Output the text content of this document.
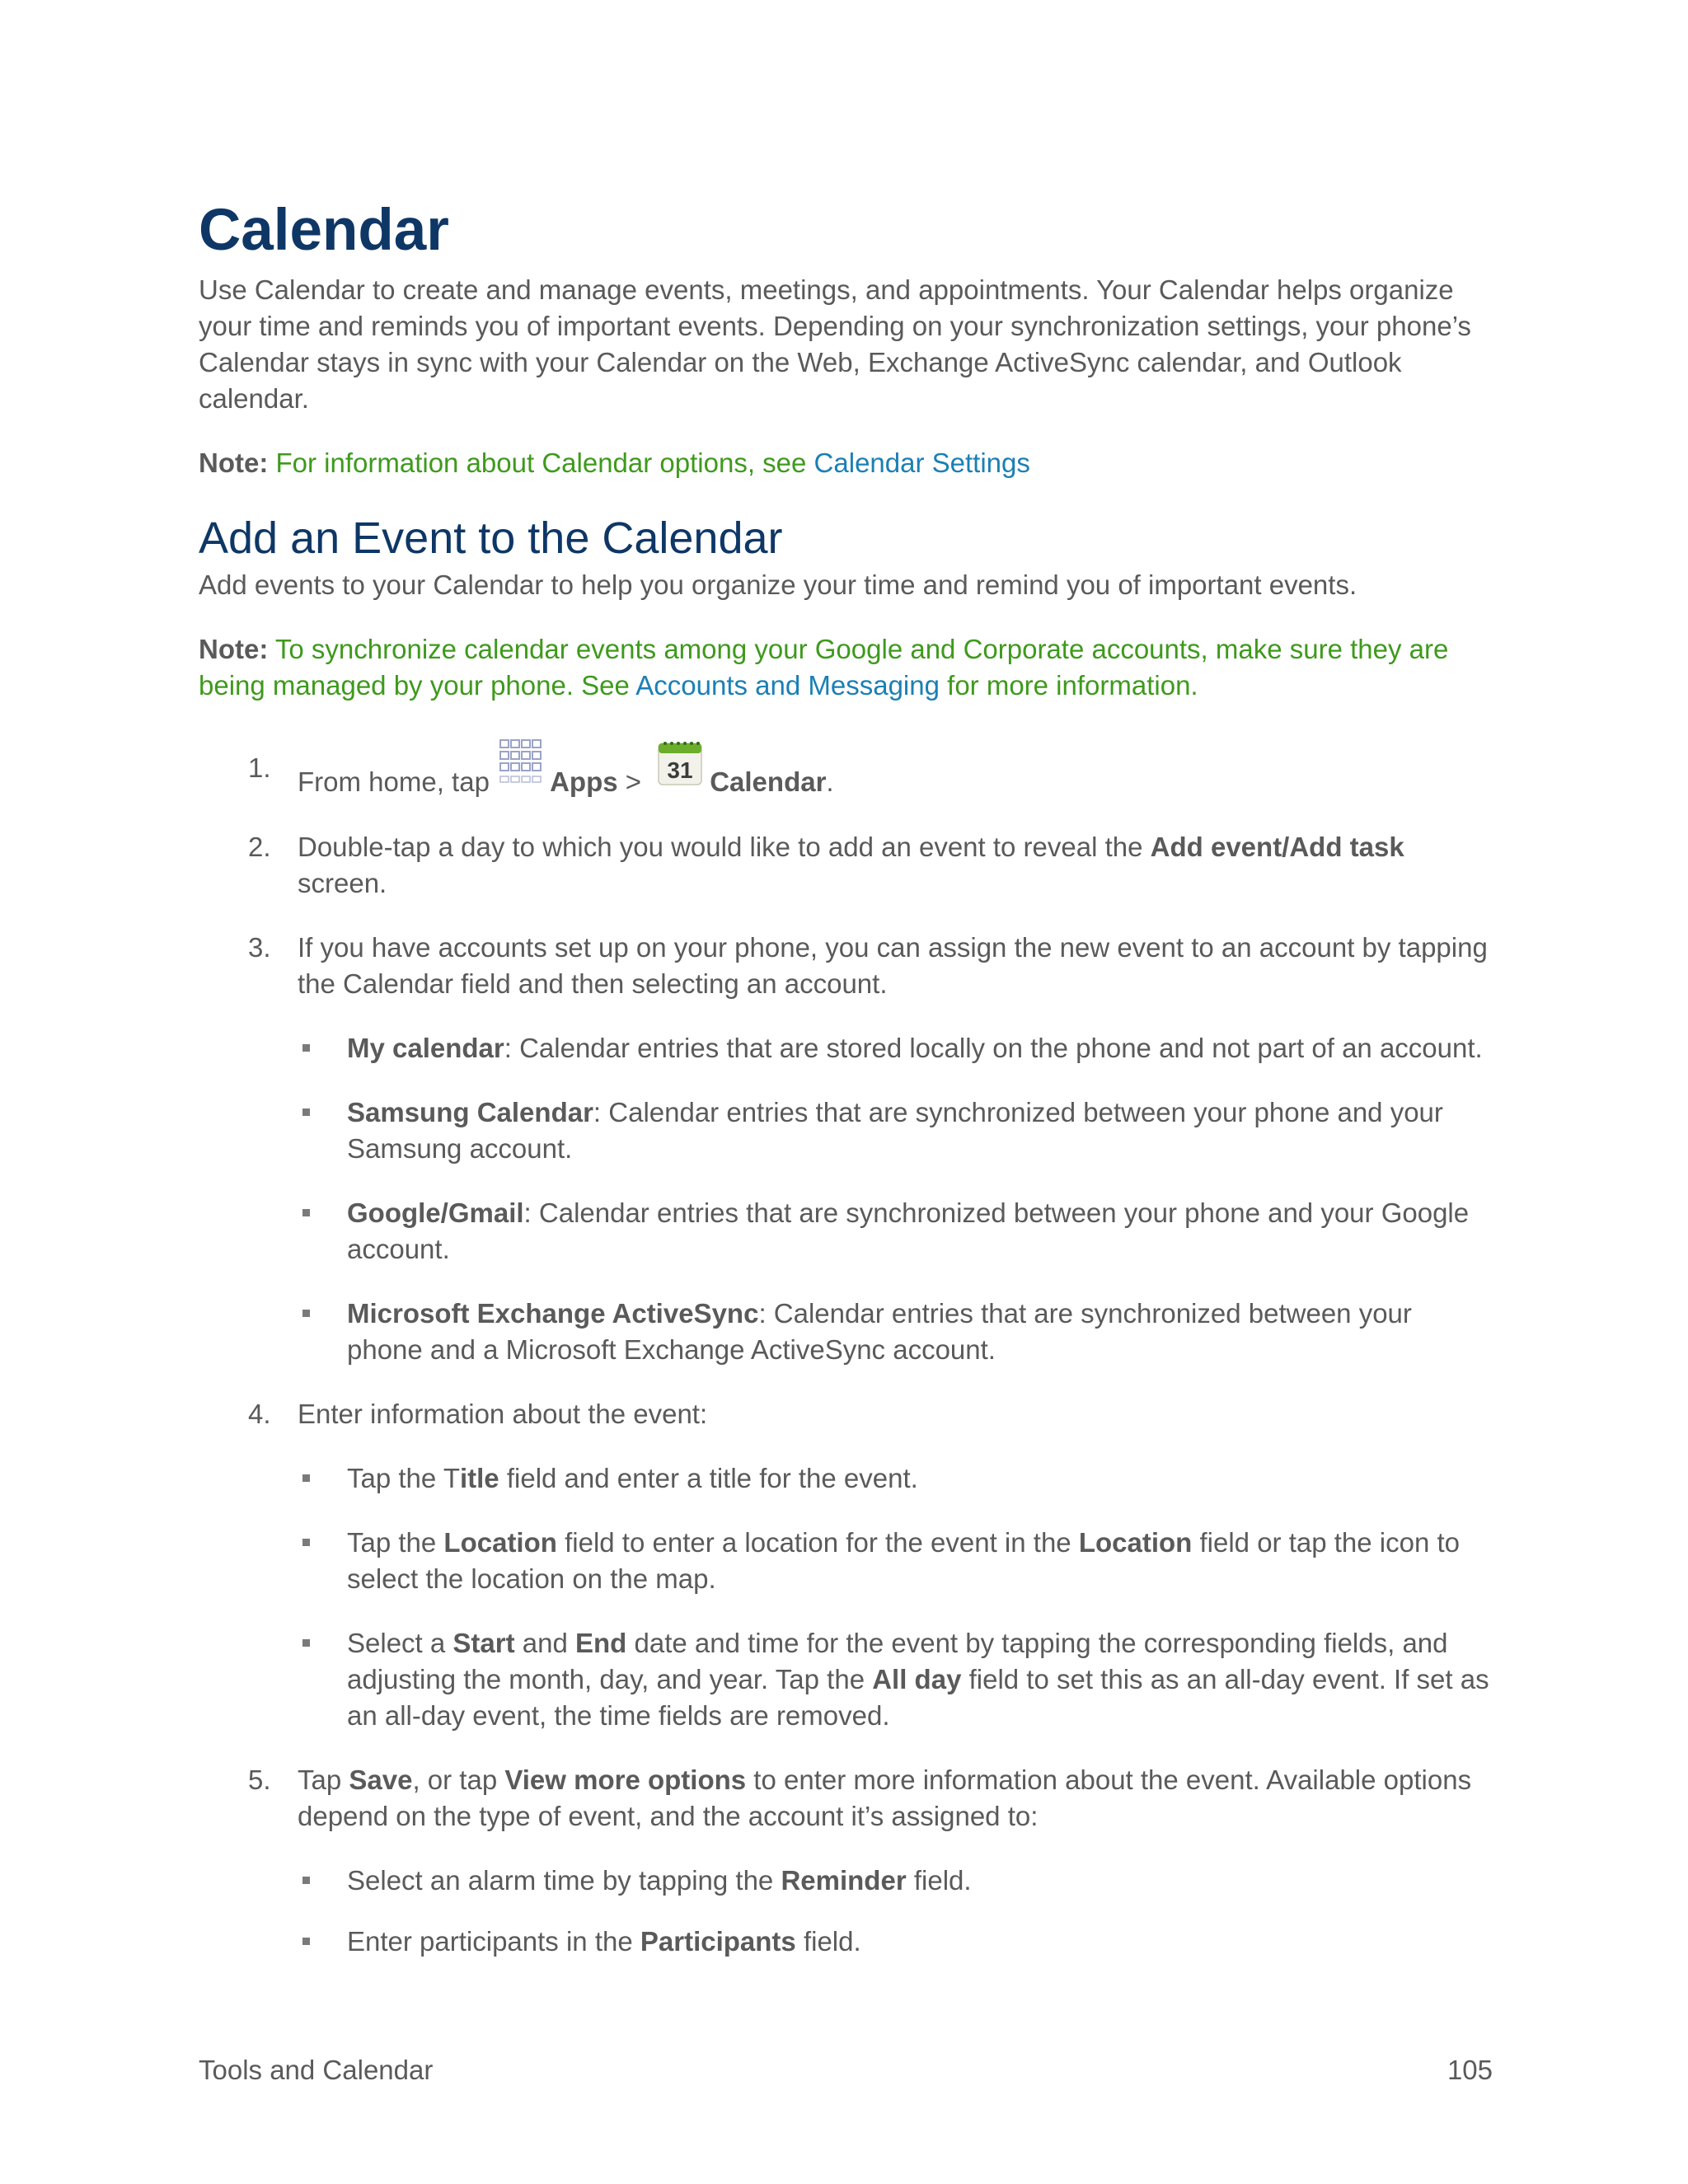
Calendar

Use Calendar to create and manage events, meetings, and appointments. Your Calendar helps organize your time and reminds you of important events. Depending on your synchronization settings, your phone’s Calendar stays in sync with your Calendar on the Web, Exchange ActiveSync calendar, and Outlook calendar.

Note: For information about Calendar options, see Calendar Settings

Add an Event to the Calendar

Add events to your Calendar to help you organize your time and remind you of important events.

Note: To synchronize calendar events among your Google and Corporate accounts, make sure they are being managed by your phone. See Accounts and Messaging for more information.

1. From home, tap Apps > 31 Calendar.
2. Double-tap a day to which you would like to add an event to reveal the Add event/Add task screen.
3. If you have accounts set up on your phone, you can assign the new event to an account by tapping the Calendar field and then selecting an account.
My calendar: Calendar entries that are stored locally on the phone and not part of an account.
Samsung Calendar: Calendar entries that are synchronized between your phone and your Samsung account.
Google/Gmail: Calendar entries that are synchronized between your phone and your Google account.
Microsoft Exchange ActiveSync: Calendar entries that are synchronized between your phone and a Microsoft Exchange ActiveSync account.
4. Enter information about the event:
Tap the Title field and enter a title for the event.
Tap the Location field to enter a location for the event in the Location field or tap the icon to select the location on the map.
Select a Start and End date and time for the event by tapping the corresponding fields, and adjusting the month, day, and year. Tap the All day field to set this as an all-day event. If set as an all-day event, the time fields are removed.
5. Tap Save, or tap View more options to enter more information about the event. Available options depend on the type of event, and the account it’s assigned to:
Select an alarm time by tapping the Reminder field.
Enter participants in the Participants field.
Tools and Calendar	105
